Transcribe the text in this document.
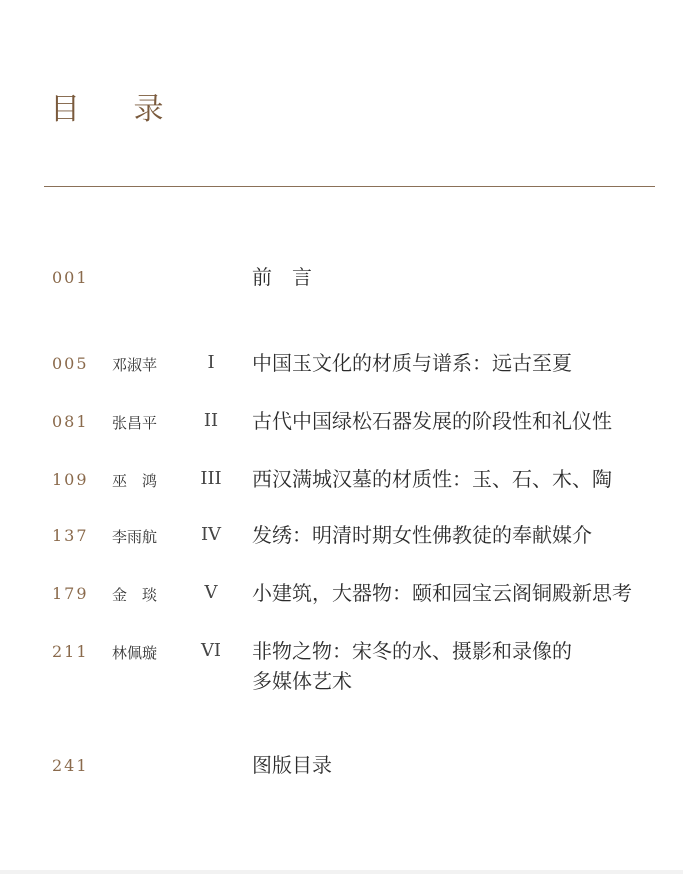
目 录
001	前　言
005 邓淑苹	I	中国玉文化的材质与谱系：远古至夏
081 张昌平	II	古代中国绿松石器发展的阶段性和礼仪性
109 巫　鸿	III	西汉满城汉墓的材质性：玉、石、木、陶
137 李雨航	IV	发绣：明清时期女性佛教徒的奉献媒介
179 金　琰	V	小建筑，大器物：颐和园宝云阁铜殿新思考
211 林佩璇	VI	非物之物：宋冬的水、摄影和录像的
多媒体艺术
241	图版目录
